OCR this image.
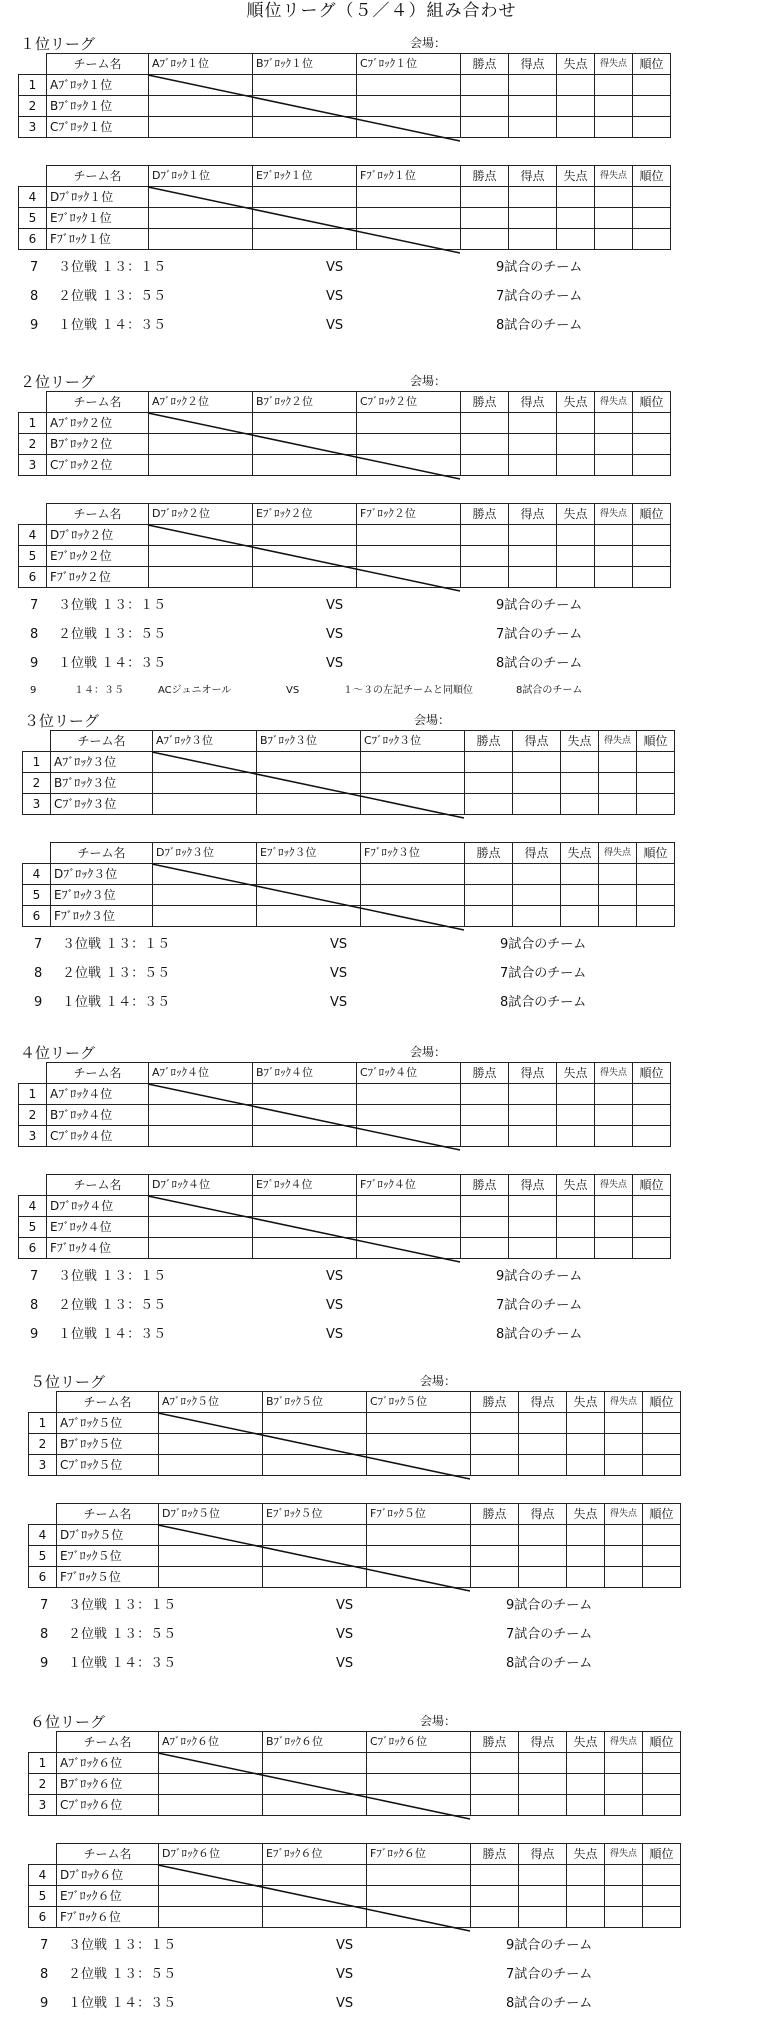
順位リーグ（５／４）組み合わせ
１位リーグ	会場：
	チーム名	Aﾌﾞﾛｯｸ１位	Bﾌﾞﾛｯｸ１位	Cﾌﾞﾛｯｸ１位	勝点	得点	失点	得失点	順位
1	Aﾌﾞﾛｯｸ１位								
2	Bﾌﾞﾛｯｸ１位								
3	Cﾌﾞﾛｯｸ１位								
	チーム名	Dﾌﾞﾛｯｸ１位	Eﾌﾞﾛｯｸ１位	Fﾌﾞﾛｯｸ１位	勝点	得点	失点	得失点	順位
4	Dﾌﾞﾛｯｸ１位								
5	Eﾌﾞﾛｯｸ１位								
6	Fﾌﾞﾛｯｸ１位								
7 ３位戦 １３：１５	VS	9試合のチーム
8 ２位戦 １３：５５	VS	7試合のチーム
9 １位戦 １４：３５	VS	8試合のチーム
２位リーグ	会場：
	チーム名	Aﾌﾞﾛｯｸ２位	Bﾌﾞﾛｯｸ２位	Cﾌﾞﾛｯｸ２位	勝点	得点	失点	得失点	順位
1	Aﾌﾞﾛｯｸ２位								
2	Bﾌﾞﾛｯｸ２位								
3	Cﾌﾞﾛｯｸ２位								
	チーム名	Dﾌﾞﾛｯｸ２位	Eﾌﾞﾛｯｸ２位	Fﾌﾞﾛｯｸ２位	勝点	得点	失点	得失点	順位
4	Dﾌﾞﾛｯｸ２位								
5	Eﾌﾞﾛｯｸ２位								
6	Fﾌﾞﾛｯｸ２位								
7 ３位戦 １３：１５	VS	9試合のチーム
8 ２位戦 １３：５５	VS	7試合のチーム
9 １位戦 １４：３５	VS	8試合のチーム
9	１４：３５	ACジュニオール	VS	１～３の左記チームと同順位	8試合のチーム
３位リーグ	会場：
	チーム名	Aﾌﾞﾛｯｸ３位	Bﾌﾞﾛｯｸ３位	Cﾌﾞﾛｯｸ３位	勝点	得点	失点	得失点	順位
1	Aﾌﾞﾛｯｸ３位								
2	Bﾌﾞﾛｯｸ３位								
3	Cﾌﾞﾛｯｸ３位								
	チーム名	Dﾌﾞﾛｯｸ３位	Eﾌﾞﾛｯｸ３位	Fﾌﾞﾛｯｸ３位	勝点	得点	失点	得失点	順位
4	Dﾌﾞﾛｯｸ３位								
5	Eﾌﾞﾛｯｸ３位								
6	Fﾌﾞﾛｯｸ３位								
7 ３位戦 １３：１５	VS	9試合のチーム
8 ２位戦 １３：５５	VS	7試合のチーム
9 １位戦 １４：３５	VS	8試合のチーム
４位リーグ	会場：
	チーム名	Aﾌﾞﾛｯｸ４位	Bﾌﾞﾛｯｸ４位	Cﾌﾞﾛｯｸ４位	勝点	得点	失点	得失点	順位
1	Aﾌﾞﾛｯｸ４位								
2	Bﾌﾞﾛｯｸ４位								
3	Cﾌﾞﾛｯｸ４位								
	チーム名	Dﾌﾞﾛｯｸ４位	Eﾌﾞﾛｯｸ４位	Fﾌﾞﾛｯｸ４位	勝点	得点	失点	得失点	順位
4	Dﾌﾞﾛｯｸ４位								
5	Eﾌﾞﾛｯｸ４位								
6	Fﾌﾞﾛｯｸ４位								
7 ３位戦 １３：１５	VS	9試合のチーム
8 ２位戦 １３：５５	VS	7試合のチーム
9 １位戦 １４：３５	VS	8試合のチーム
５位リーグ	会場：
	チーム名	Aﾌﾞﾛｯｸ５位	Bﾌﾞﾛｯｸ５位	Cﾌﾞﾛｯｸ５位	勝点	得点	失点	得失点	順位
1	Aﾌﾞﾛｯｸ５位								
2	Bﾌﾞﾛｯｸ５位								
3	Cﾌﾞﾛｯｸ５位								
	チーム名	Dﾌﾞﾛｯｸ５位	Eﾌﾞﾛｯｸ５位	Fﾌﾞﾛｯｸ５位	勝点	得点	失点	得失点	順位
4	Dﾌﾞﾛｯｸ５位								
5	Eﾌﾞﾛｯｸ５位								
6	Fﾌﾞﾛｯｸ５位								
7 ３位戦 １３：１５	VS	9試合のチーム
8 ２位戦 １３：５５	VS	7試合のチーム
9 １位戦 １４：３５	VS	8試合のチーム
６位リーグ	会場：
	チーム名	Aﾌﾞﾛｯｸ６位	Bﾌﾞﾛｯｸ６位	Cﾌﾞﾛｯｸ６位	勝点	得点	失点	得失点	順位
1	Aﾌﾞﾛｯｸ６位								
2	Bﾌﾞﾛｯｸ６位								
3	Cﾌﾞﾛｯｸ６位								
	チーム名	Dﾌﾞﾛｯｸ６位	Eﾌﾞﾛｯｸ６位	Fﾌﾞﾛｯｸ６位	勝点	得点	失点	得失点	順位
4	Dﾌﾞﾛｯｸ６位								
5	Eﾌﾞﾛｯｸ６位								
6	Fﾌﾞﾛｯｸ６位								
7 ３位戦 １３：１５	VS	9試合のチーム
8 ２位戦 １３：５５	VS	7試合のチーム
9 １位戦 １４：３５	VS	8試合のチーム
